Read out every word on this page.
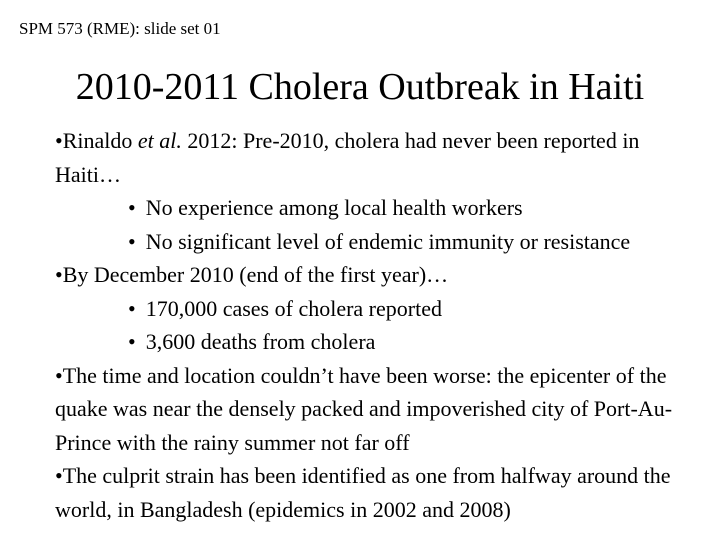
SPM 573 (RME): slide set 01
2010-2011 Cholera Outbreak in Haiti

•Rinaldo et al. 2012: Pre-2010, cholera had never been reported in Haiti…

• No experience among local health workers

• No significant level of endemic immunity or resistance

•By December 2010 (end of the first year)…

• 170,000 cases of cholera reported

• 3,600 deaths from cholera

•The time and location couldn’t have been worse: the epicenter of the quake was near the densely packed and impoverished city of Port-Au-Prince with the rainy summer not far off

•The culprit strain has been identified as one from halfway around the world, in Bangladesh (epidemics in 2002 and 2008)
